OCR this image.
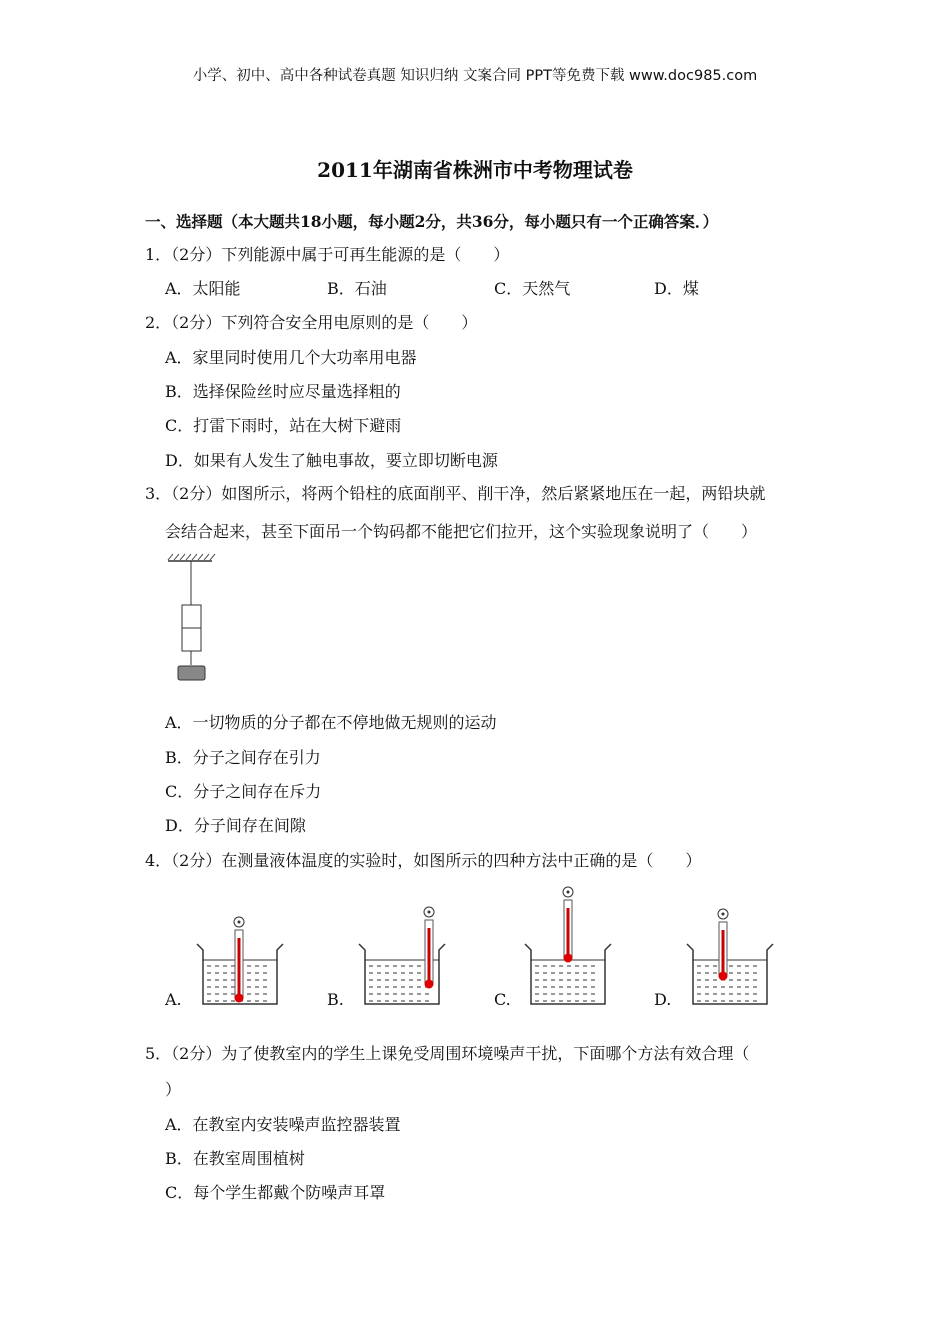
小学、初中、高中各种试卷真题 知识归纳 文案合同 PPT等免费下载 www.doc985.com
2011年湖南省株洲市中考物理试卷
一、选择题（本大题共18小题，每小题2分，共36分，每小题只有一个正确答案．）
1．（2分）下列能源中属于可再生能源的是（　　）
A．太阳能	B．石油	C．天然气	D．煤
2．（2分）下列符合安全用电原则的是（　　）
A．家里同时使用几个大功率用电器
B．选择保险丝时应尽量选择粗的
C．打雷下雨时，站在大树下避雨
D．如果有人发生了触电事故，要立即切断电源
3．（2分）如图所示，将两个铅柱的底面削平、削干净，然后紧紧地压在一起，两铅块就
会结合起来，甚至下面吊一个钩码都不能把它们拉开，这个实验现象说明了（　　）
A．一切物质的分子都在不停地做无规则的运动
B．分子之间存在引力
C．分子之间存在斥力
D．分子间存在间隙
4．（2分）在测量液体温度的实验时，如图所示的四种方法中正确的是（　　）
A.	B.	C.	D.
5．（2分）为了使教室内的学生上课免受周围环境噪声干扰，下面哪个方法有效合理（
）
A．在教室内安装噪声监控器装置
B．在教室周围植树
C．每个学生都戴个防噪声耳罩
